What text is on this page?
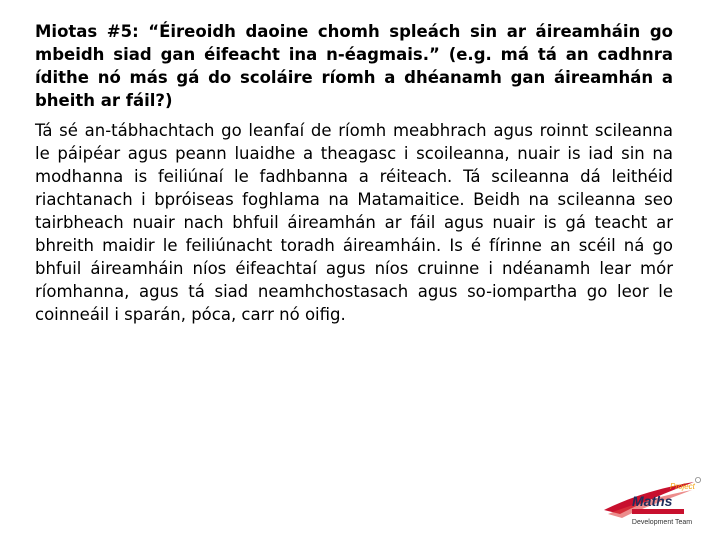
Miotas #5: “Éireoidh daoine chomh spleách sin ar áireamháin go mbeidh siad gan éifeacht ina n-éagmais.” (e.g. má tá an cadhnra ídithe nó más gá do scoláire ríomh a dhéanamh gan áireamhán a bheith ar fáil?)

Tá sé an-tábhachtach go leanfaí de ríomh meabhrach agus roinnt scileanna le páipéar agus peann luaidhe a theagasc i scoileanna, nuair is iad sin na modhanna is feiliúnaí le fadhbanna a réiteach. Tá scileanna dá leithéid riachtanach i bpróiseas foghlama na Matamaitice. Beidh na scileanna seo tairbheach nuair nach bhfuil áireamhán ar fáil agus nuair is gá teacht ar bhreith maidir le feiliúnacht toradh áireamháin. Is é fírinne an scéil ná go bhfuil áireamháin níos éifeachtaí agus níos cruinne i ndéanamh lear mór ríomhanna, agus tá siad neamhchostasach agus so-iompartha go leor le coinneáil i sparán, póca, carr nó oifig.

Project
Maths
Development Team
